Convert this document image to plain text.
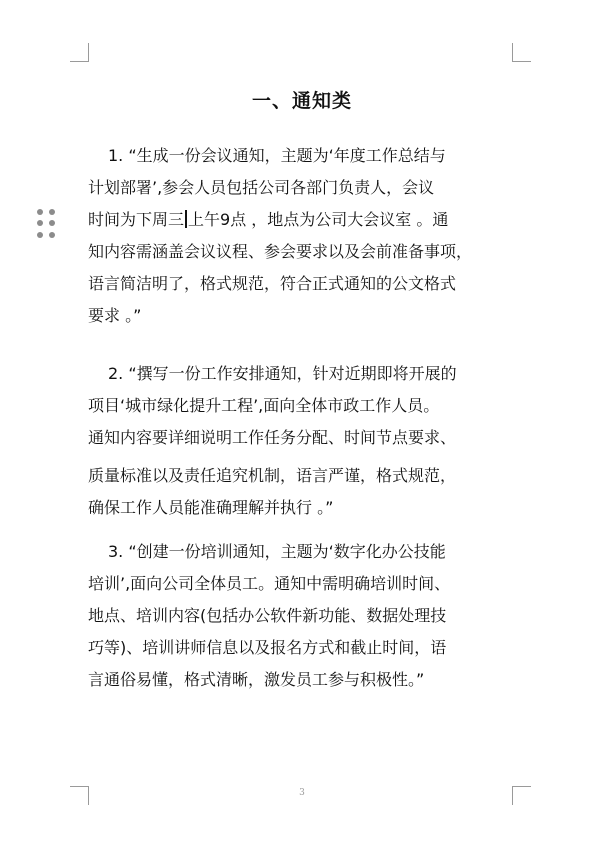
一、通知类
1. “生成一份会议通知，主题为‘年度工作总结与
计划部署’,参会人员包括公司各部门负责人，会议
时间为下周三 上午9点 ，地点为公司大会议室 。通
知内容需涵盖会议议程、参会要求以及会前准备事项，
语言简洁明了，格式规范，符合正式通知的公文格式
要求 。”
2. “撰写一份工作安排通知，针对近期即将开展的
项目‘城市绿化提升工程’,面向全体市政工作人员。
通知内容要详细说明工作任务分配、时间节点要求、
质量标准以及责任追究机制，语言严谨，格式规范，
确保工作人员能准确理解并执行 。”
3. “创建一份培训通知，主题为‘数字化办公技能
培训’,面向公司全体员工。通知中需明确培训时间、
地点、培训内容(包括办公软件新功能、数据处理技
巧等)、培训讲师信息以及报名方式和截止时间，语
言通俗易懂，格式清晰，激发员工参与积极性。”
3
